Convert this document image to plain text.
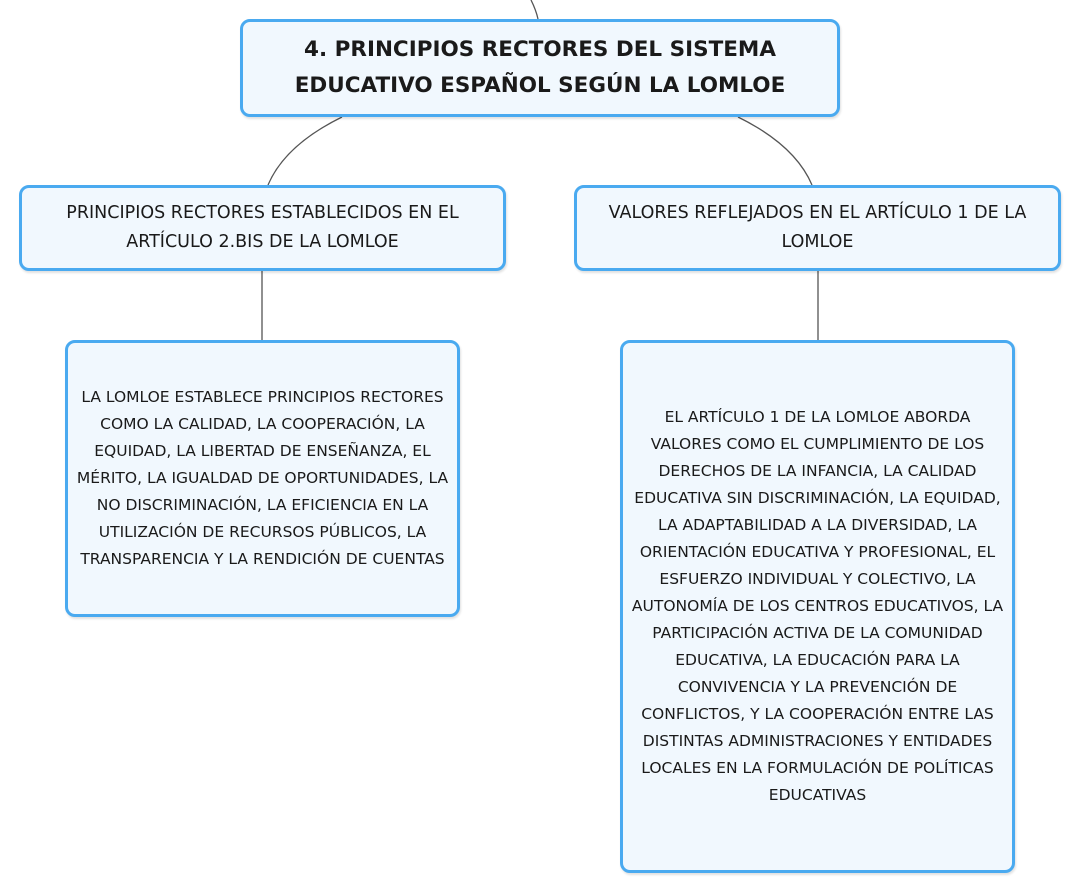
4. PRINCIPIOS RECTORES DEL SISTEMA EDUCATIVO ESPAÑOL SEGÚN LA LOMLOE
PRINCIPIOS RECTORES ESTABLECIDOS EN EL ARTÍCULO 2.BIS DE LA LOMLOE
VALORES REFLEJADOS EN EL ARTÍCULO 1 DE LA LOMLOE
LA LOMLOE ESTABLECE PRINCIPIOS RECTORES COMO LA CALIDAD, LA COOPERACIÓN, LA EQUIDAD, LA LIBERTAD DE ENSEÑANZA, EL MÉRITO, LA IGUALDAD DE OPORTUNIDADES, LA NO DISCRIMINACIÓN, LA EFICIENCIA EN LA UTILIZACIÓN DE RECURSOS PÚBLICOS, LA TRANSPARENCIA Y LA RENDICIÓN DE CUENTAS
EL ARTÍCULO 1 DE LA LOMLOE ABORDA VALORES COMO EL CUMPLIMIENTO DE LOS DERECHOS DE LA INFANCIA, LA CALIDAD EDUCATIVA SIN DISCRIMINACIÓN, LA EQUIDAD, LA ADAPTABILIDAD A LA DIVERSIDAD, LA ORIENTACIÓN EDUCATIVA Y PROFESIONAL, EL ESFUERZO INDIVIDUAL Y COLECTIVO, LA AUTONOMÍA DE LOS CENTROS EDUCATIVOS, LA PARTICIPACIÓN ACTIVA DE LA COMUNIDAD EDUCATIVA, LA EDUCACIÓN PARA LA CONVIVENCIA Y LA PREVENCIÓN DE CONFLICTOS, Y LA COOPERACIÓN ENTRE LAS DISTINTAS ADMINISTRACIONES Y ENTIDADES LOCALES EN LA FORMULACIÓN DE POLÍTICAS EDUCATIVAS
